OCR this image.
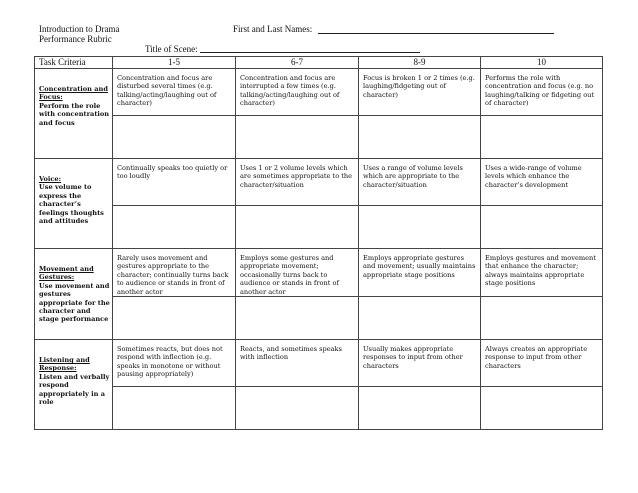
Introduction to Drama
Performance Rubric
First and Last Names:
Title of Scene:
Task Criteria	1-5	6-7	8-9	10
Concentration and Focus:
Perform the role with concentration and focus	Concentration and focus are disturbed several times (e.g. talking/acting/laughing out of character)	Concentration and focus are interrupted a few times (e.g. talking/acting/laughing out of character)	Focus is broken 1 or 2 times (e.g. laughing/fidgeting out of character)	Performs the role with concentration and focus (e.g. no laughing/talking or fidgeting out of character)

Voice:
Use volume to express the character’s feelings thoughts and attitudes	Continually speaks too quietly or too loudly	Uses 1 or 2 volume levels which are sometimes appropriate to the character/situation	Uses a range of volume levels which are appropriate to the character/situation	Uses a wide-range of volume levels which enhance the character’s development

Movement and Gestures:
Use movement and gestures appropriate for the character and stage performance	Rarely uses movement and gestures appropriate to the character; continually turns back to audience or stands in front of another actor	Employs some gestures and appropriate movement; occasionally turns back to audience or stands in front of another actor	Employs appropriate gestures and movement; usually maintains appropriate stage positions	Employs gestures and movement that enhance the character; always maintains appropriate stage positions

Listening and Response:
Listen and verbally respond appropriately in a role	Sometimes reacts, but does not respond with inflection (e.g. speaks in monotone or without pausing appropriately)	Reacts, and sometimes speaks with inflection	Usually makes appropriate responses to input from other characters	Always creates an appropriate response to input from other characters
